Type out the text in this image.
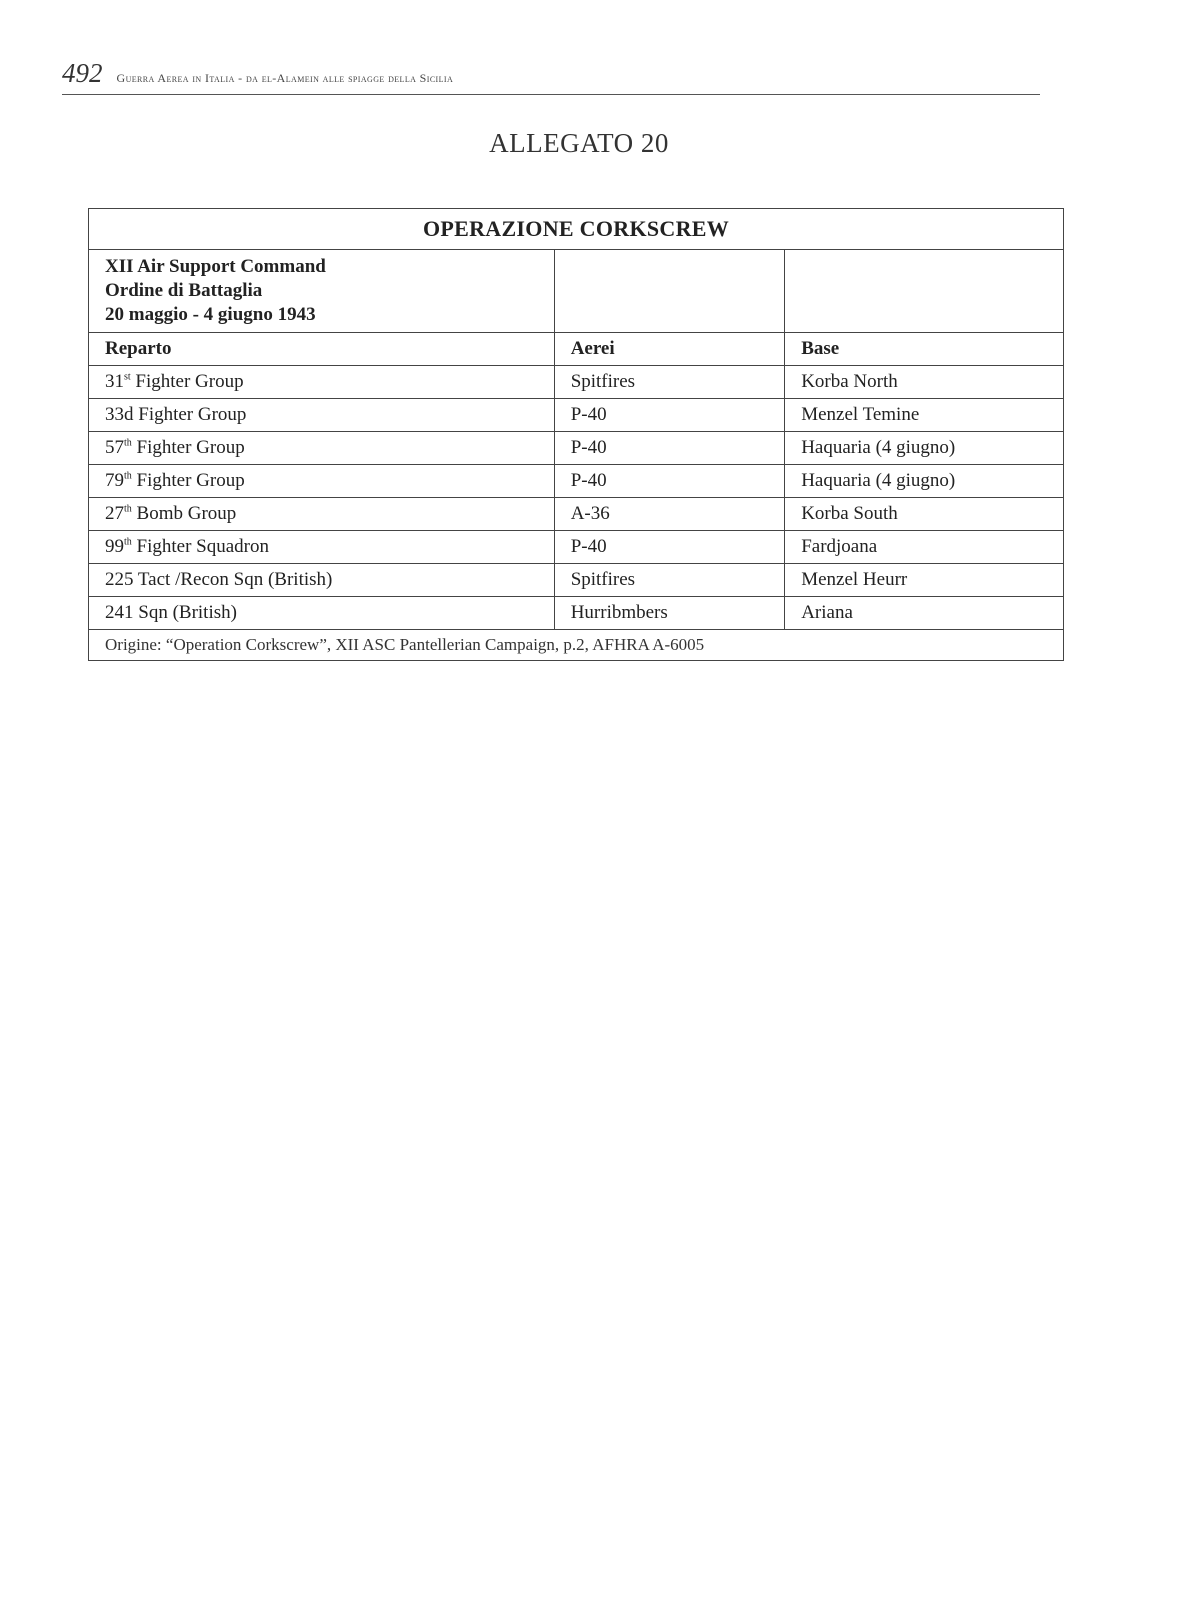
492 Guerra Aerea in Italia - da el-Alamein alle spiagge della Sicilia
ALLEGATO 20
OPERAZIONE CORKSCREW		

XII Air Support Command
Ordine di Battaglia
20 maggio - 4 giugno 1943		

Reparto	Aerei	Base
31st Fighter Group	Spitfires	Korba North
33d Fighter Group	P-40	Menzel Temine
57th Fighter Group	P-40	Haquaria (4 giugno)
79th Fighter Group	P-40	Haquaria (4 giugno)
27th Bomb Group	A-36	Korba South
99th Fighter Squadron	P-40	Fardjoana
225 Tact /Recon Sqn (British)	Spitfires	Menzel Heurr
241 Sqn (British)	Hurribmbers	Ariana
Origine: “Operation Corkscrew”, XII ASC Pantellerian Campaign, p.2, AFHRA A-6005		
